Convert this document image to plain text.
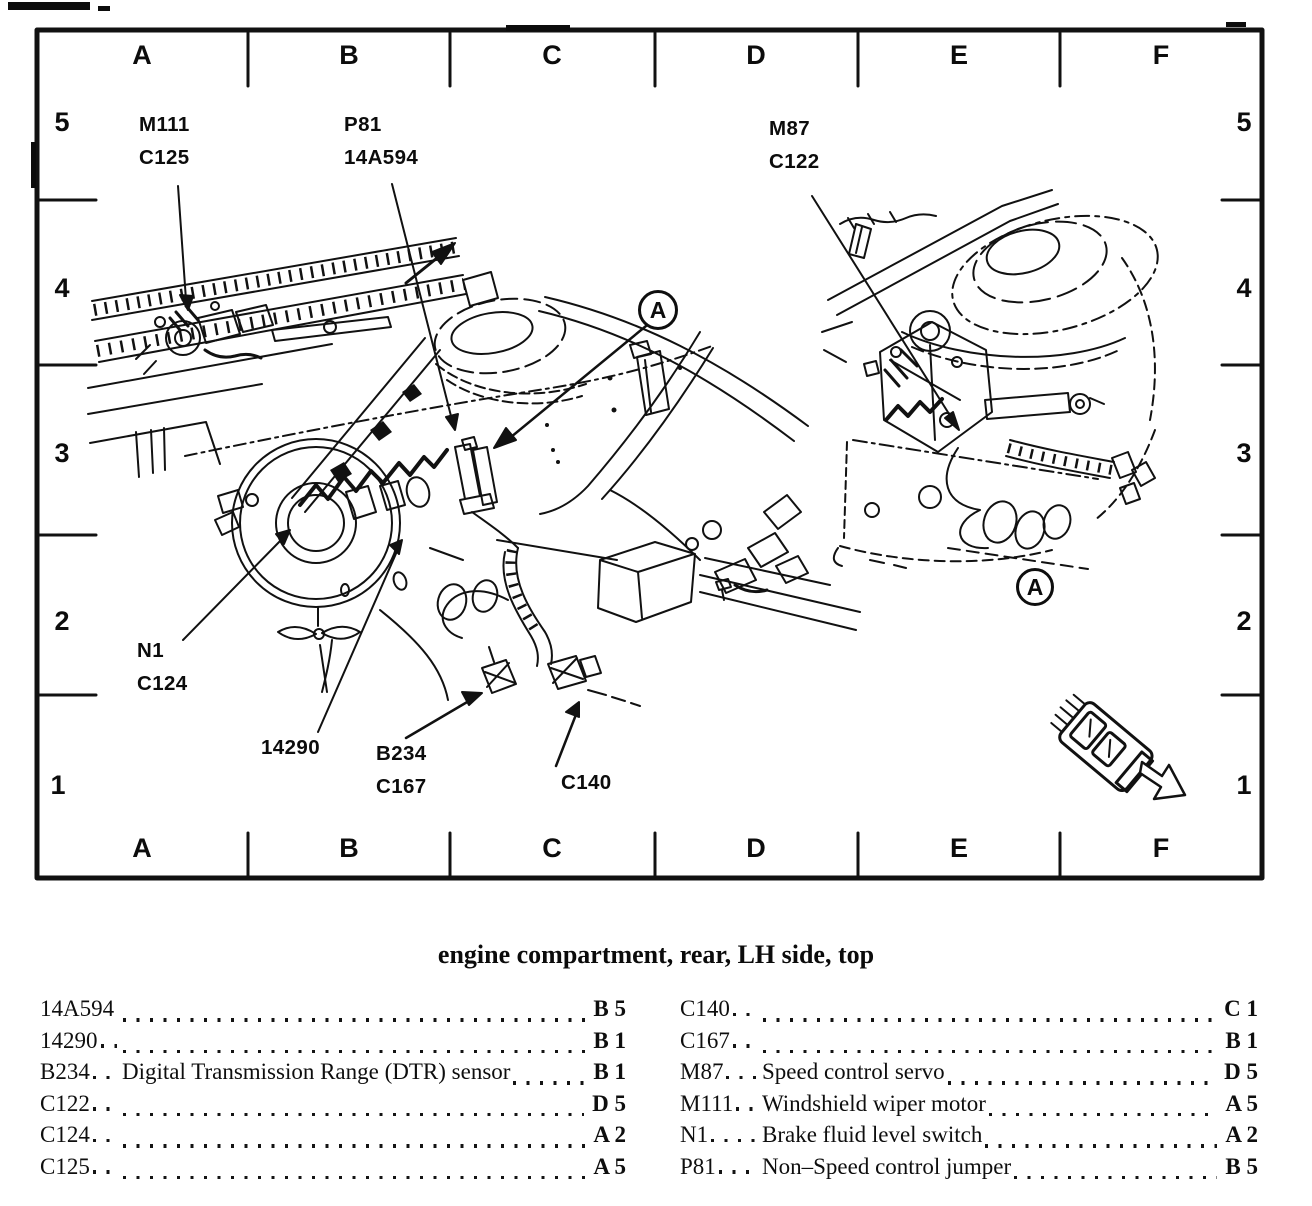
A	B	C	D	E	F
A	B	C	D	E	F
5
4
3
2
1
5
4
3
2
1
M111
C125
P81
14A594
M87
C122
N1
C124
14290	B234
C167	C140
A
A
engine compartment, rear, LH side, top
14A594	B 5
14290	B 1
B234 Digital Transmission Range (DTR) sensor	B 1
C122	D 5
C124	A 2
C125	A 5
C140	C 1
C167	B 1
M87 Speed control servo	D 5
M111 Windshield wiper motor	A 5
N1 Brake fluid level switch	A 2
P81 Non–Speed control jumper	B 5
